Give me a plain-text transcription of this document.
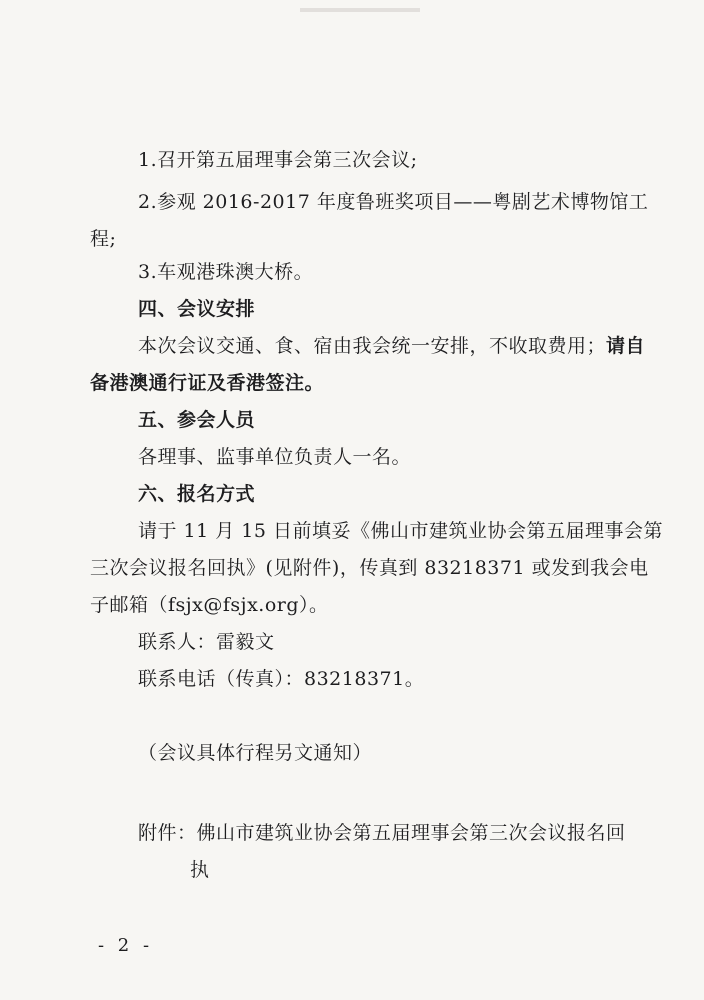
1.召开第五届理事会第三次会议;
2.参观 2016-2017 年度鲁班奖项目——粤剧艺术博物馆工
程;
3.车观港珠澳大桥。
四、会议安排
本次会议交通、食、宿由我会统一安排，不收取费用；请自
备港澳通行证及香港签注。
五、参会人员
各理事、监事单位负责人一名。
六、报名方式
请于 11 月 15 日前填妥《佛山市建筑业协会第五届理事会第
三次会议报名回执》(见附件)，传真到 83218371 或发到我会电
子邮箱（fsjx@fsjx.org）。
联系人：雷毅文
联系电话（传真）：83218371。
（会议具体行程另文通知）
附件：佛山市建筑业协会第五届理事会第三次会议报名回
执
- 2 -
